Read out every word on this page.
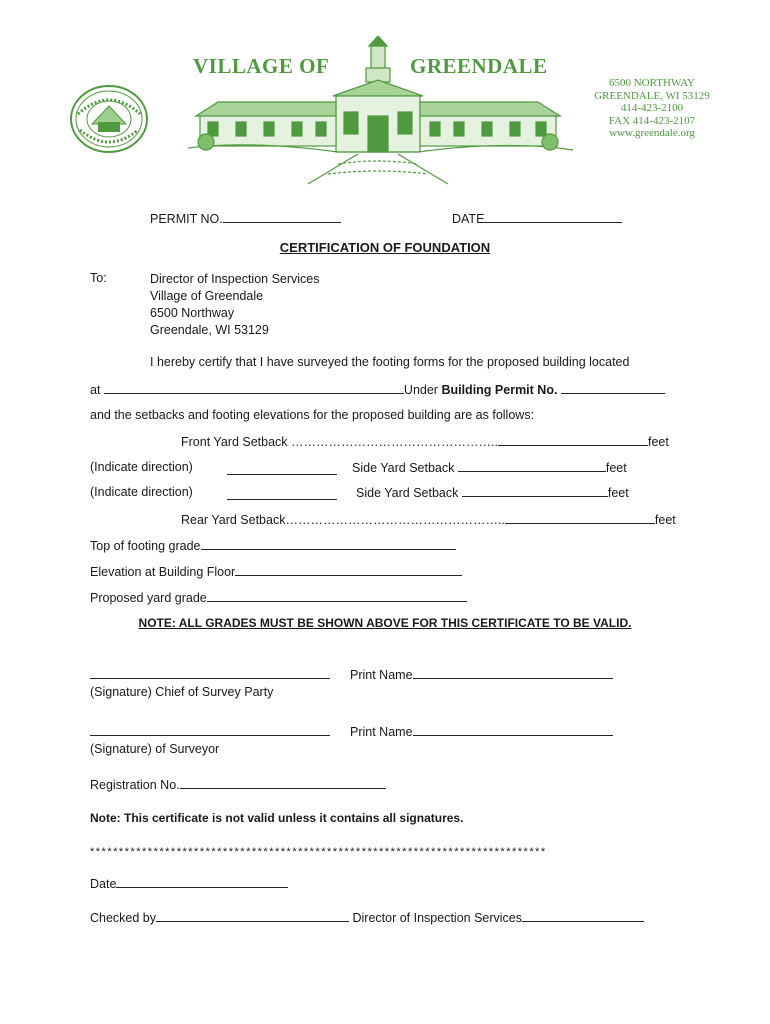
VILLAGE OF	GREENDALE
6500 NORTHWAY
GREENDALE, WI 53129
414-423-2100
FAX 414-423-2107
www.greendale.org
PERMIT NO.	DATE
CERTIFICATION OF FOUNDATION
To:	Director of Inspection Services
Village of Greendale
6500 Northway
Greendale, WI 53129
I hereby certify that I have surveyed the footing forms for the proposed building located
at	Under Building Permit No.
and the setbacks and footing elevations for the proposed building are as follows:
Front Yard Setback …………………………………………..	feet
(Indicate direction)	Side Yard Setback	feet
(Indicate direction)	Side Yard Setback	feet
Rear Yard Setback……………………………………………..	feet
Top of footing grade
Elevation at Building Floor
Proposed yard grade
NOTE: ALL GRADES MUST BE SHOWN ABOVE FOR THIS CERTIFICATE TO BE VALID.
Print Name
(Signature) Chief of Survey Party
Print Name
(Signature) of Surveyor
Registration No.
Note: This certificate is not valid unless it contains all signatures.
*******************************************************************************
Date
Checked by	Director of Inspection Services
